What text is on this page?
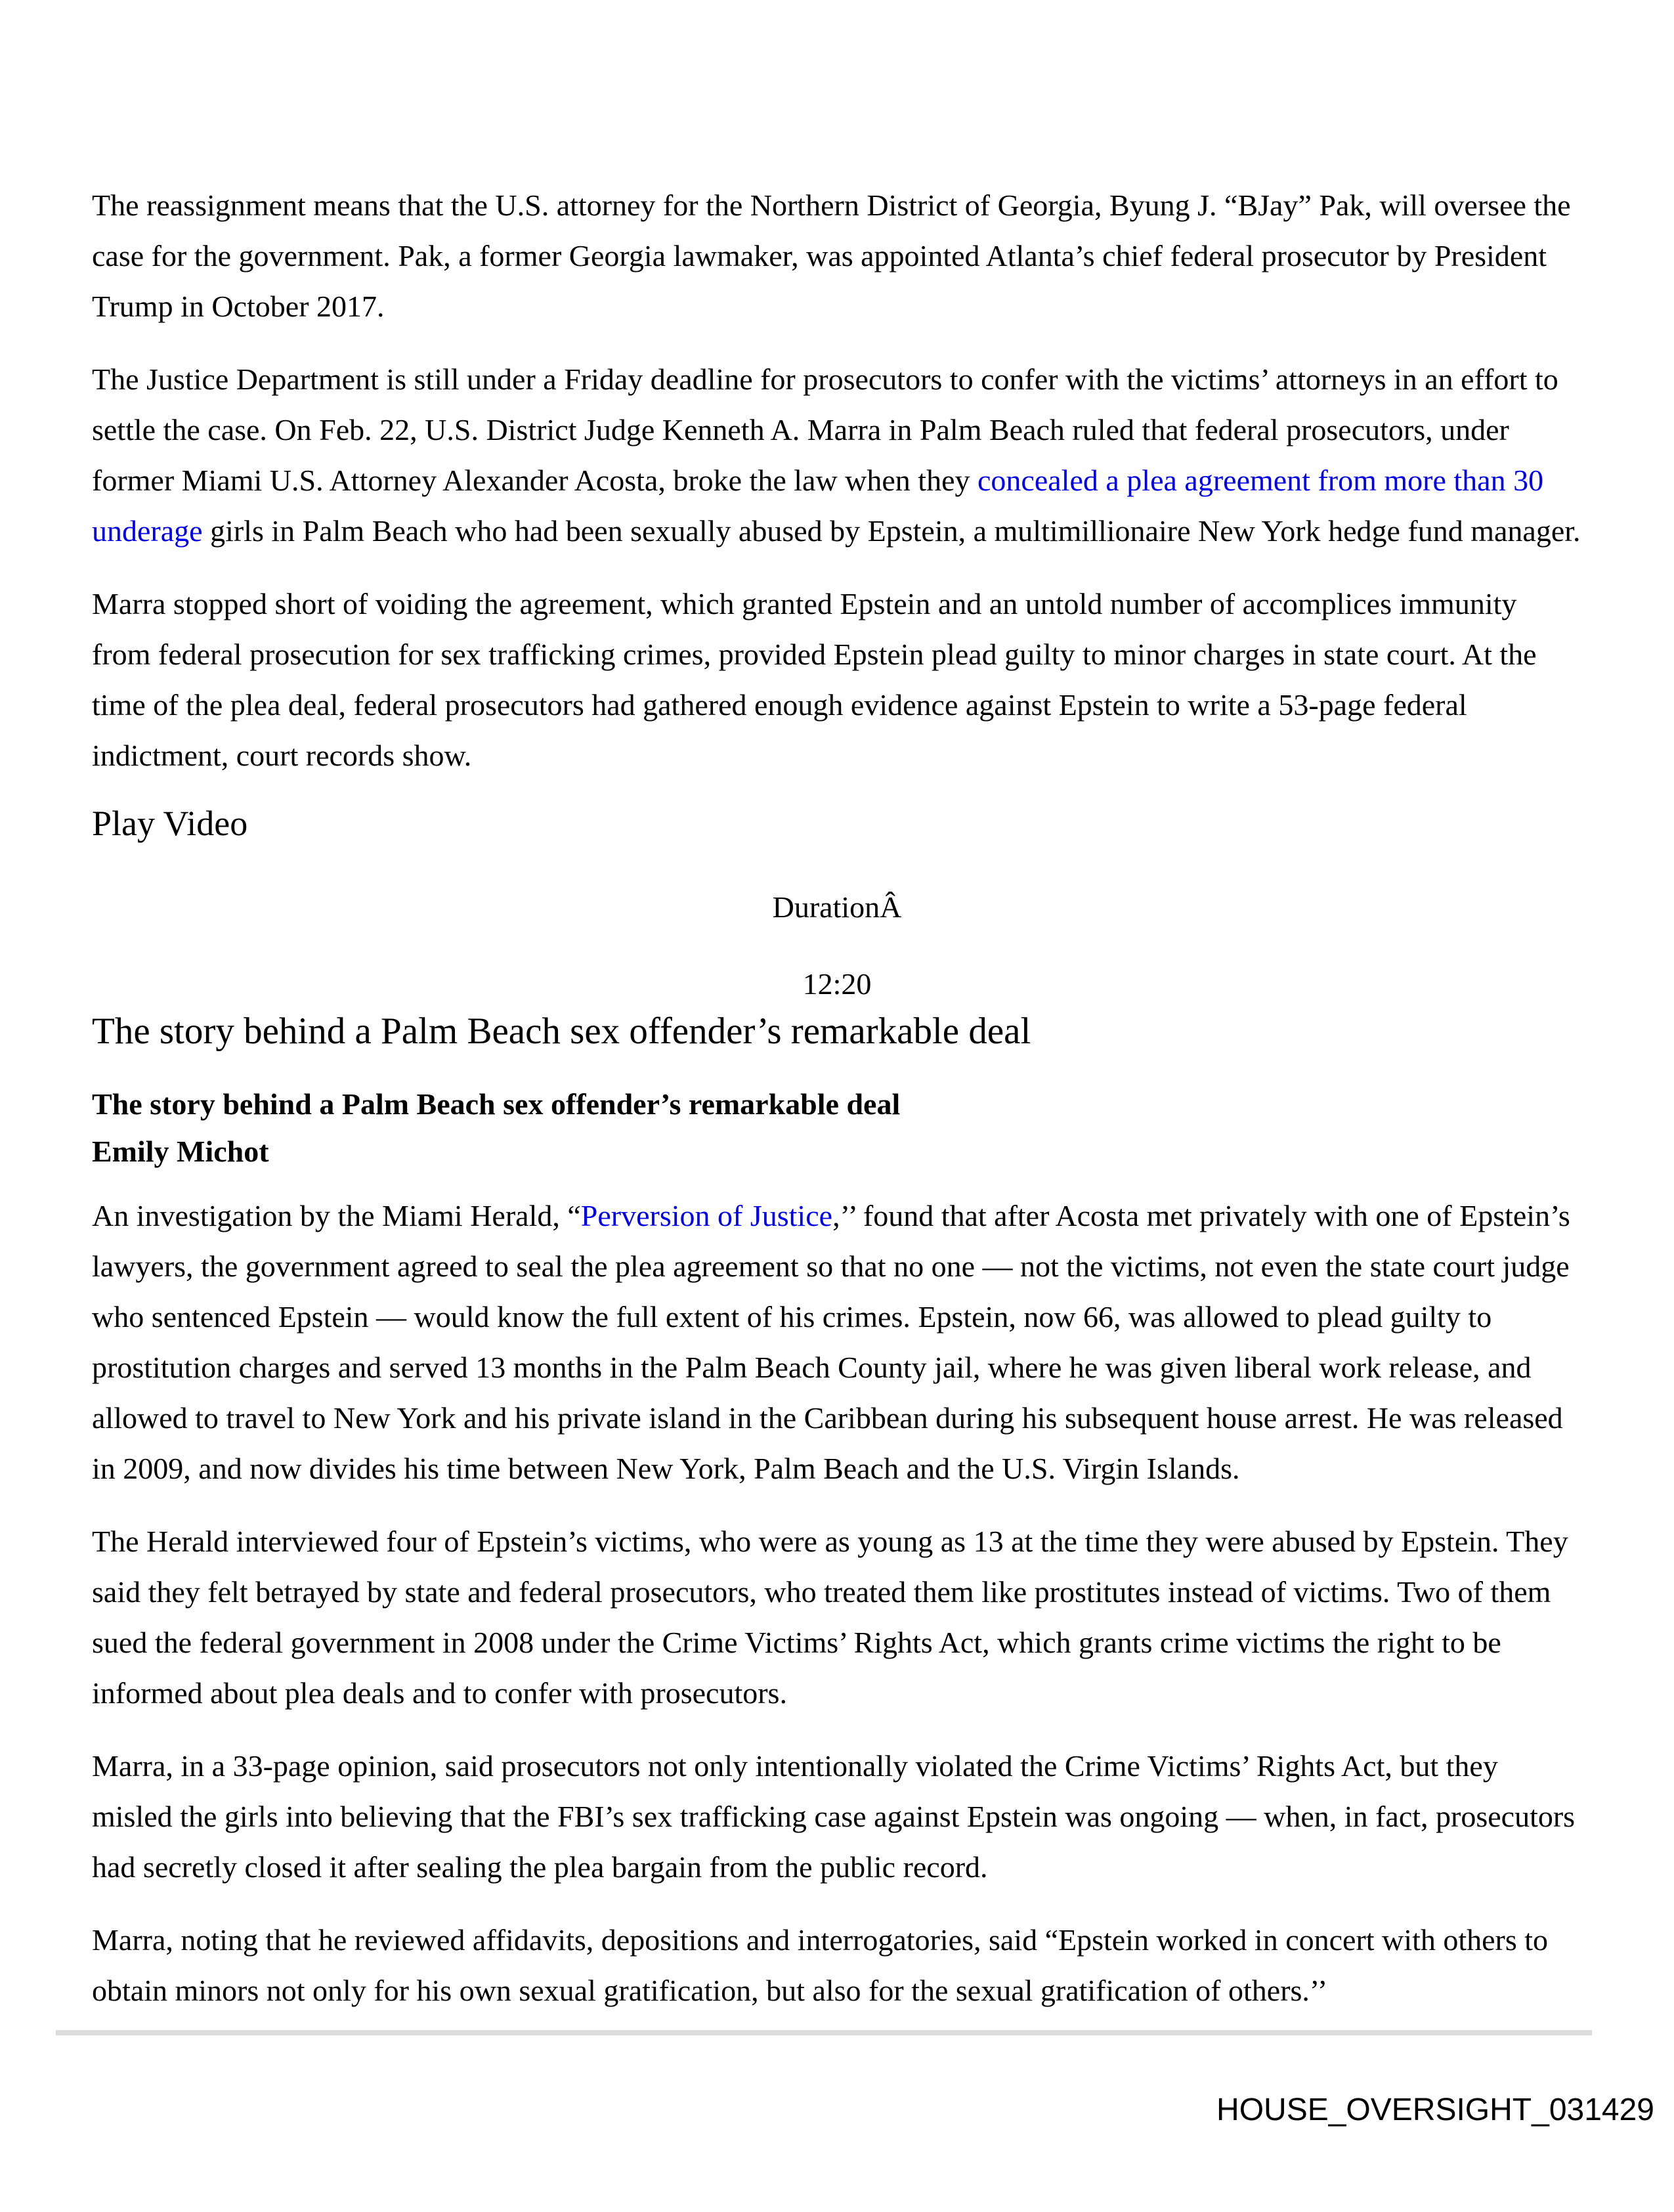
The reassignment means that the U.S. attorney for the Northern District of Georgia, Byung J. “BJay” Pak, will oversee the case for the government. Pak, a former Georgia lawmaker, was appointed Atlanta’s chief federal prosecutor by President Trump in October 2017.

The Justice Department is still under a Friday deadline for prosecutors to confer with the victims’ attorneys in an effort to settle the case. On Feb. 22, U.S. District Judge Kenneth A. Marra in Palm Beach ruled that federal prosecutors, under former Miami U.S. Attorney Alexander Acosta, broke the law when they concealed a plea agreement from more than 30 underage girls in Palm Beach who had been sexually abused by Epstein, a multimillionaire New York hedge fund manager.

Marra stopped short of voiding the agreement, which granted Epstein and an untold number of accomplices immunity from federal prosecution for sex trafficking crimes, provided Epstein plead guilty to minor charges in state court. At the time of the plea deal, federal prosecutors had gathered enough evidence against Epstein to write a 53-page federal indictment, court records show.

Play Video

DurationÂ

12:20

The story behind a Palm Beach sex offender’s remarkable deal

The story behind a Palm Beach sex offender’s remarkable deal

Emily Michot

An investigation by the Miami Herald, “Perversion of Justice,’’ found that after Acosta met privately with one of Epstein’s lawyers, the government agreed to seal the plea agreement so that no one — not the victims, not even the state court judge who sentenced Epstein — would know the full extent of his crimes. Epstein, now 66, was allowed to plead guilty to prostitution charges and served 13 months in the Palm Beach County jail, where he was given liberal work release, and allowed to travel to New York and his private island in the Caribbean during his subsequent house arrest. He was released in 2009, and now divides his time between New York, Palm Beach and the U.S. Virgin Islands.

The Herald interviewed four of Epstein’s victims, who were as young as 13 at the time they were abused by Epstein. They said they felt betrayed by state and federal prosecutors, who treated them like prostitutes instead of victims. Two of them sued the federal government in 2008 under the Crime Victims’ Rights Act, which grants crime victims the right to be informed about plea deals and to confer with prosecutors.

Marra, in a 33-page opinion, said prosecutors not only intentionally violated the Crime Victims’ Rights Act, but they misled the girls into believing that the FBI’s sex trafficking case against Epstein was ongoing — when, in fact, prosecutors had secretly closed it after sealing the plea bargain from the public record.

Marra, noting that he reviewed affidavits, depositions and interrogatories, said “Epstein worked in concert with others to obtain minors not only for his own sexual gratification, but also for the sexual gratification of others.’’

HOUSE_OVERSIGHT_031429
